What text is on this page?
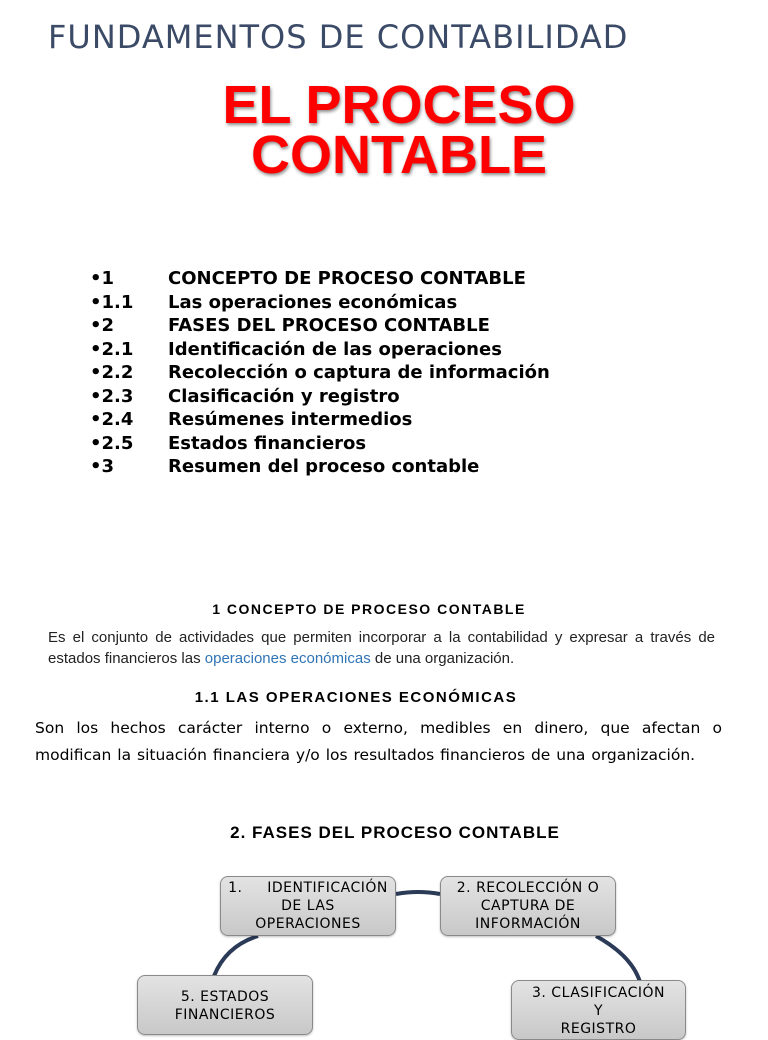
FUNDAMENTOS DE CONTABILIDAD
EL PROCESO
CONTABLE
•1	CONCEPTO DE PROCESO CONTABLE
•1.1 Las operaciones económicas
•2	FASES DEL PROCESO CONTABLE
•2.1 Identificación de las operaciones
•2.2 Recolección o captura de información
•2.3 Clasificación y registro
•2.4 Resúmenes intermedios
•2.5 Estados financieros
•3	Resumen del proceso contable
1 CONCEPTO DE PROCESO CONTABLE

Es el conjunto de actividades que permiten incorporar a la contabilidad y expresar a través de estados financieros las operaciones económicas de una organización.

1.1 LAS OPERACIONES ECONÓMICAS

Son los hechos carácter interno o externo, medibles en dinero, que afectan o modifican la situación financiera y/o los resultados financieros de una organización.

2. FASES DEL PROCESO CONTABLE
1.     IDENTIFICACIÓN
DE LAS
OPERACIONES
2. RECOLECCIÓN O
CAPTURA DE
INFORMACIÓN
3. CLASIFICACIÓN
Y
REGISTRO
5. ESTADOS
FINANCIEROS
